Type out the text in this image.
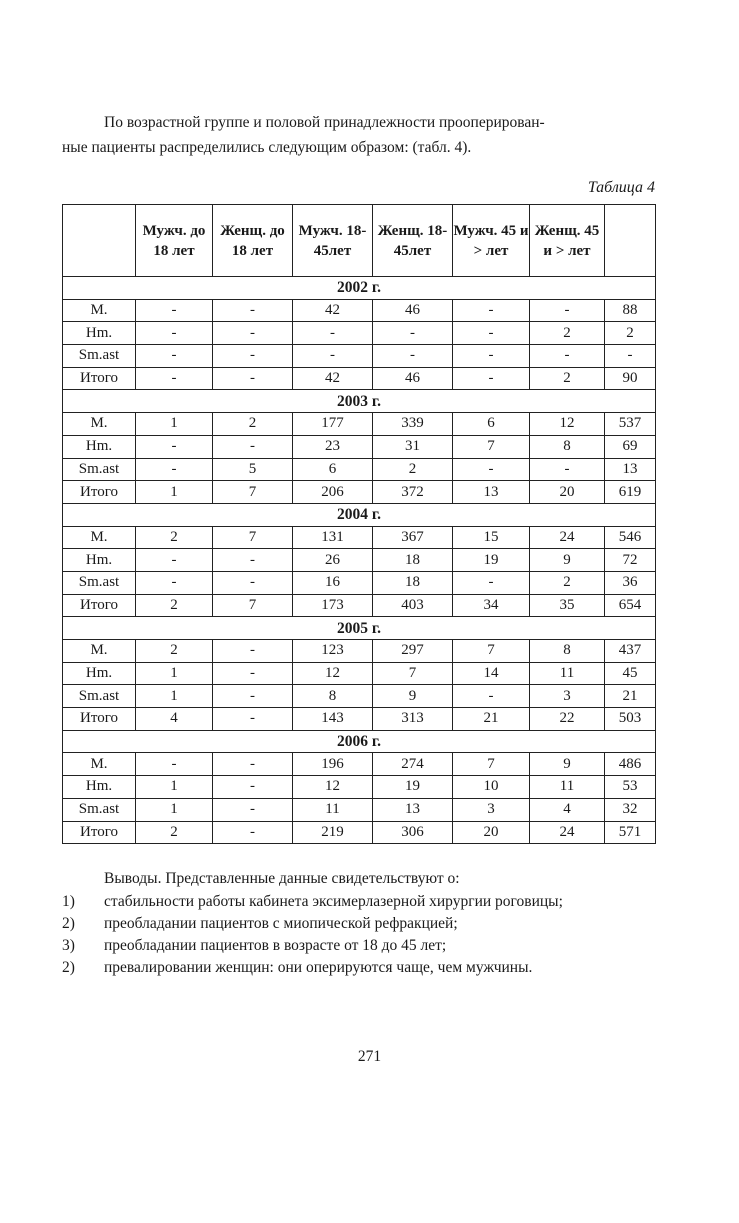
По возрастной группе и половой принадлежности прооперирован-
ные пациенты распределились следующим образом: (табл. 4).
Таблица 4
	Мужч. до 18 лет	Женщ. до 18 лет	Мужч. 18-45лет	Женщ. 18-45лет	Мужч. 45 и > лет	Женщ. 45 и > лет	
2002 г.							
М.	-	-	42	46	-	-	88
Hm.	-	-	-	-	-	2	2
Sm.ast	-	-	-	-	-	-	-
Итого	-	-	42	46	-	2	90
2003 г.							
М.	1	2	177	339	6	12	537
Hm.	-	-	23	31	7	8	69
Sm.ast	-	5	6	2	-	-	13
Итого	1	7	206	372	13	20	619
2004 г.							
М.	2	7	131	367	15	24	546
Hm.	-	-	26	18	19	9	72
Sm.ast	-	-	16	18	-	2	36
Итого	2	7	173	403	34	35	654
2005 г.							
М.	2	-	123	297	7	8	437
Hm.	1	-	12	7	14	11	45
Sm.ast	1	-	8	9	-	3	21
Итого	4	-	143	313	21	22	503
2006 г.							
М.	-	-	196	274	7	9	486
Hm.	1	-	12	19	10	11	53
Sm.ast	1	-	11	13	3	4	32
Итого	2	-	219	306	20	24	571
Выводы. Представленные данные свидетельствуют о:
1)	стабильности работы кабинета эксимерлазерной хирургии роговицы;
2)	преобладании пациентов с миопической рефракцией;
3)	преобладании пациентов в возрасте от 18 до 45 лет;
2)	превалировании женщин: они оперируются чаще, чем мужчины.
271
